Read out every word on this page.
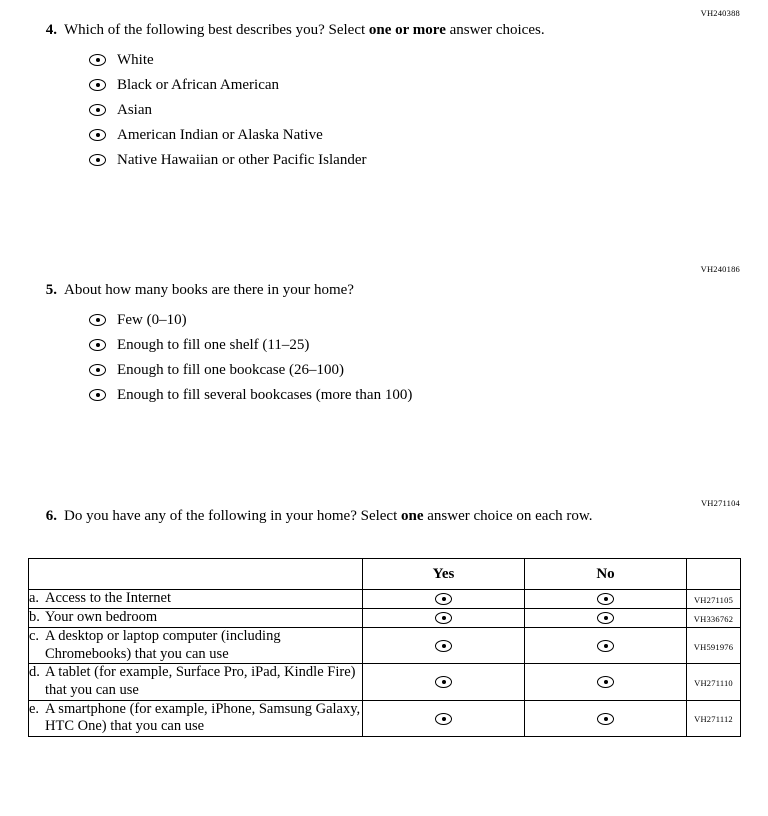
VH240388
4. Which of the following best describes you? Select one or more answer choices.
White
Black or African American
Asian
American Indian or Alaska Native
Native Hawaiian or other Pacific Islander
VH240186
5. About how many books are there in your home?
Few (0–10)
Enough to fill one shelf (11–25)
Enough to fill one bookcase (26–100)
Enough to fill several bookcases (more than 100)
VH271104
6. Do you have any of the following in your home? Select one answer choice on each row.
	Yes	No	

a. Access to the Internet			VH271105

b. Your own bedroom			VH336762

c. A desktop or laptop computer (including Chromebooks) that you can use			VH591976

d. A tablet (for example, Surface Pro, iPad, Kindle Fire) that you can use			VH271110

e. A smartphone (for example, iPhone, Samsung Galaxy, HTC One) that you can use			VH271112
